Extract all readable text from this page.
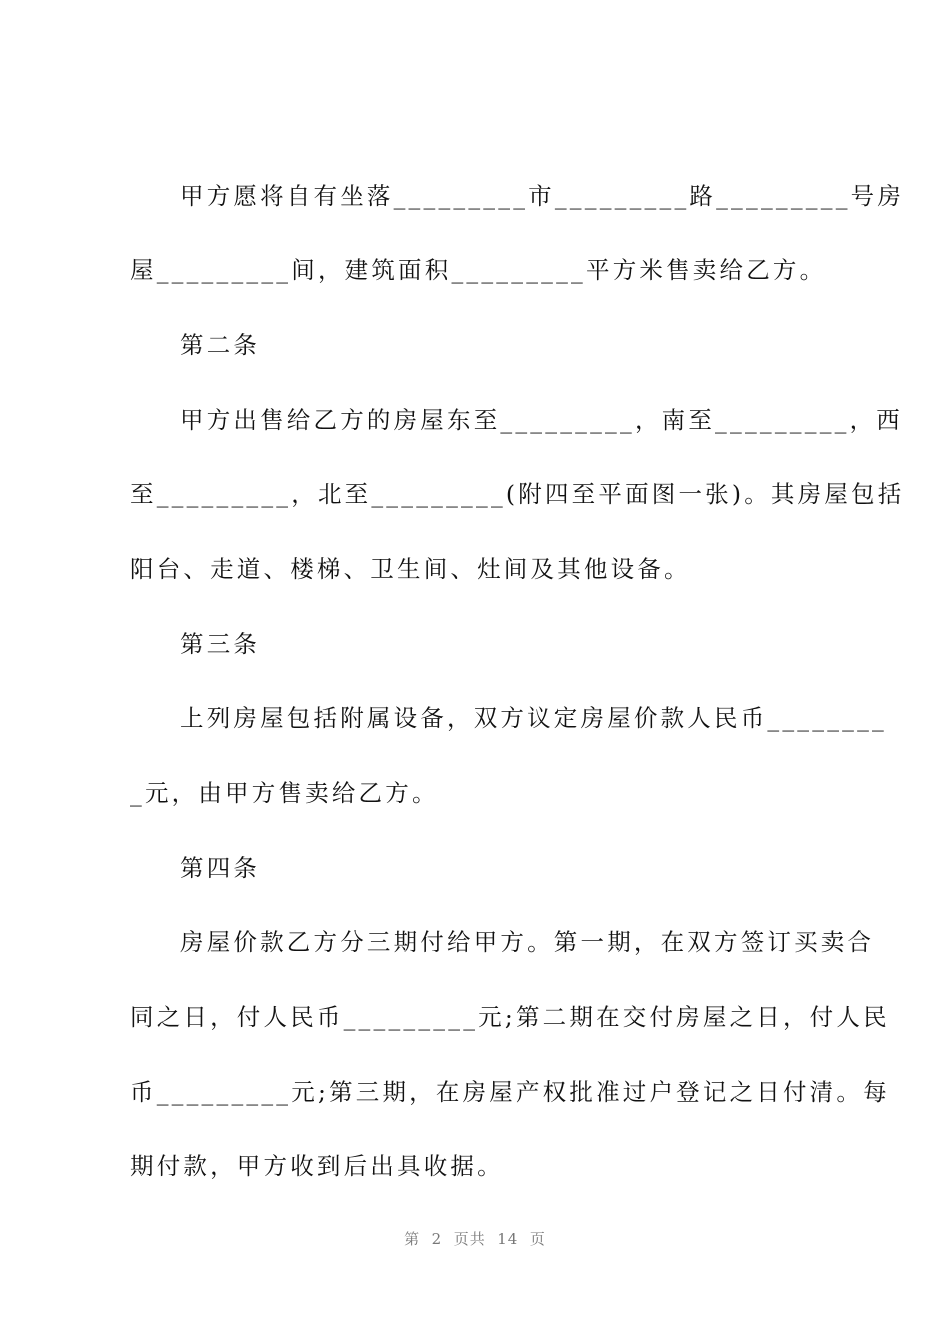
甲方愿将自有坐落_________市_________路_________号房
屋_________间，建筑面积_________平方米售卖给乙方。
第二条
甲方出售给乙方的房屋东至_________，南至_________，西
至_________，北至_________(附四至平面图一张)。其房屋包括
阳台、走道、楼梯、卫生间、灶间及其他设备。
第三条
上列房屋包括附属设备，双方议定房屋价款人民币________
_元，由甲方售卖给乙方。
第四条
房屋价款乙方分三期付给甲方。第一期，在双方签订买卖合
同之日，付人民币_________元;第二期在交付房屋之日，付人民
币_________元;第三期，在房屋产权批准过户登记之日付清。每
期付款，甲方收到后出具收据。
第  2  页共  14  页
